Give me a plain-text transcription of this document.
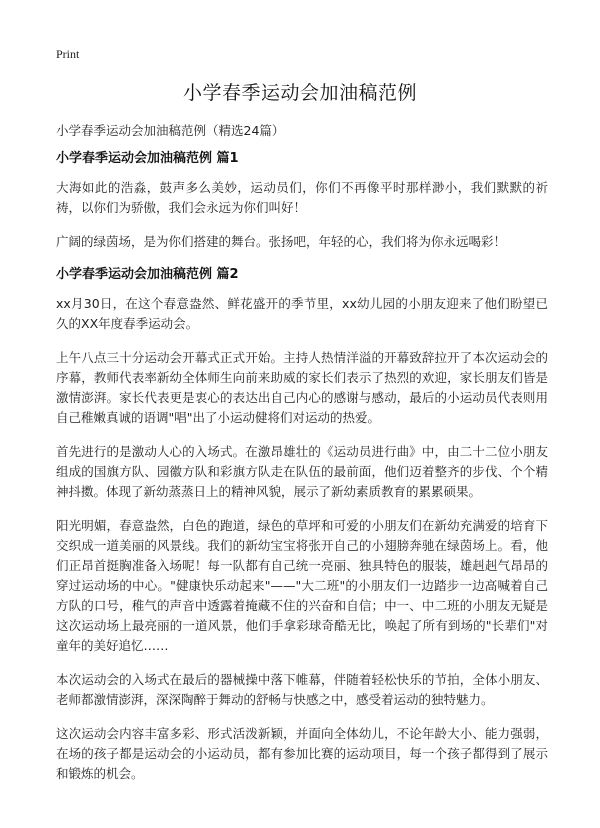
Print
小学春季运动会加油稿范例
小学春季运动会加油稿范例（精选24篇）
小学春季运动会加油稿范例 篇1

大海如此的浩淼，鼓声多么美妙，运动员们，你们不再像平时那样渺小，我们默默的祈祷，以你们为骄傲，我们会永远为你们叫好！

广阔的绿茵场，是为你们搭建的舞台。张扬吧，年轻的心，我们将为你永远喝彩！

小学春季运动会加油稿范例 篇2

xx月30日，在这个春意盎然、鲜花盛开的季节里，xx幼儿园的小朋友迎来了他们盼望已久的XX年度春季运动会。

上午八点三十分运动会开幕式正式开始。主持人热情洋溢的开幕致辞拉开了本次运动会的序幕，教师代表率新幼全体师生向前来助威的家长们表示了热烈的欢迎，家长朋友们皆是激情澎湃。家长代表更是衷心的表达出自己内心的感谢与感动，最后的小运动员代表则用自己稚嫩真诚的语调"唱"出了小运动健将们对运动的热爱。

首先进行的是激动人心的入场式。在激昂雄壮的《运动员进行曲》中，由二十二位小朋友组成的国旗方队、园徽方队和彩旗方队走在队伍的最前面，他们迈着整齐的步伐、个个精神抖擞。体现了新幼蒸蒸日上的精神风貌，展示了新幼素质教育的累累硕果。

阳光明媚，春意盎然，白色的跑道，绿色的草坪和可爱的小朋友们在新幼充满爱的培育下交织成一道美丽的风景线。我们的新幼宝宝将张开自己的小翅膀奔驰在绿茵场上。看，他们正昂首挺胸准备入场呢！每一队都有自己统一亮丽、独具特色的服装，雄赳赳气昂昂的穿过运动场的中心。"健康快乐动起来"——"大二班"的小朋友们一边踏步一边高喊着自己方队的口号，稚气的声音中透露着掩藏不住的兴奋和自信；中一、中二班的小朋友无疑是这次运动场上最亮丽的一道风景，他们手拿彩球奇酷无比，唤起了所有到场的"长辈们"对童年的美好追忆……

本次运动会的入场式在最后的器械操中落下帷幕，伴随着轻松快乐的节拍，全体小朋友、老师都激情澎湃，深深陶醉于舞动的舒畅与快感之中，感受着运动的独特魅力。

这次运动会内容丰富多彩、形式活泼新颖，并面向全体幼儿，不论年龄大小、能力强弱，在场的孩子都是运动会的小运动员，都有参加比赛的运动项目，每一个孩子都得到了展示和锻炼的机会。
